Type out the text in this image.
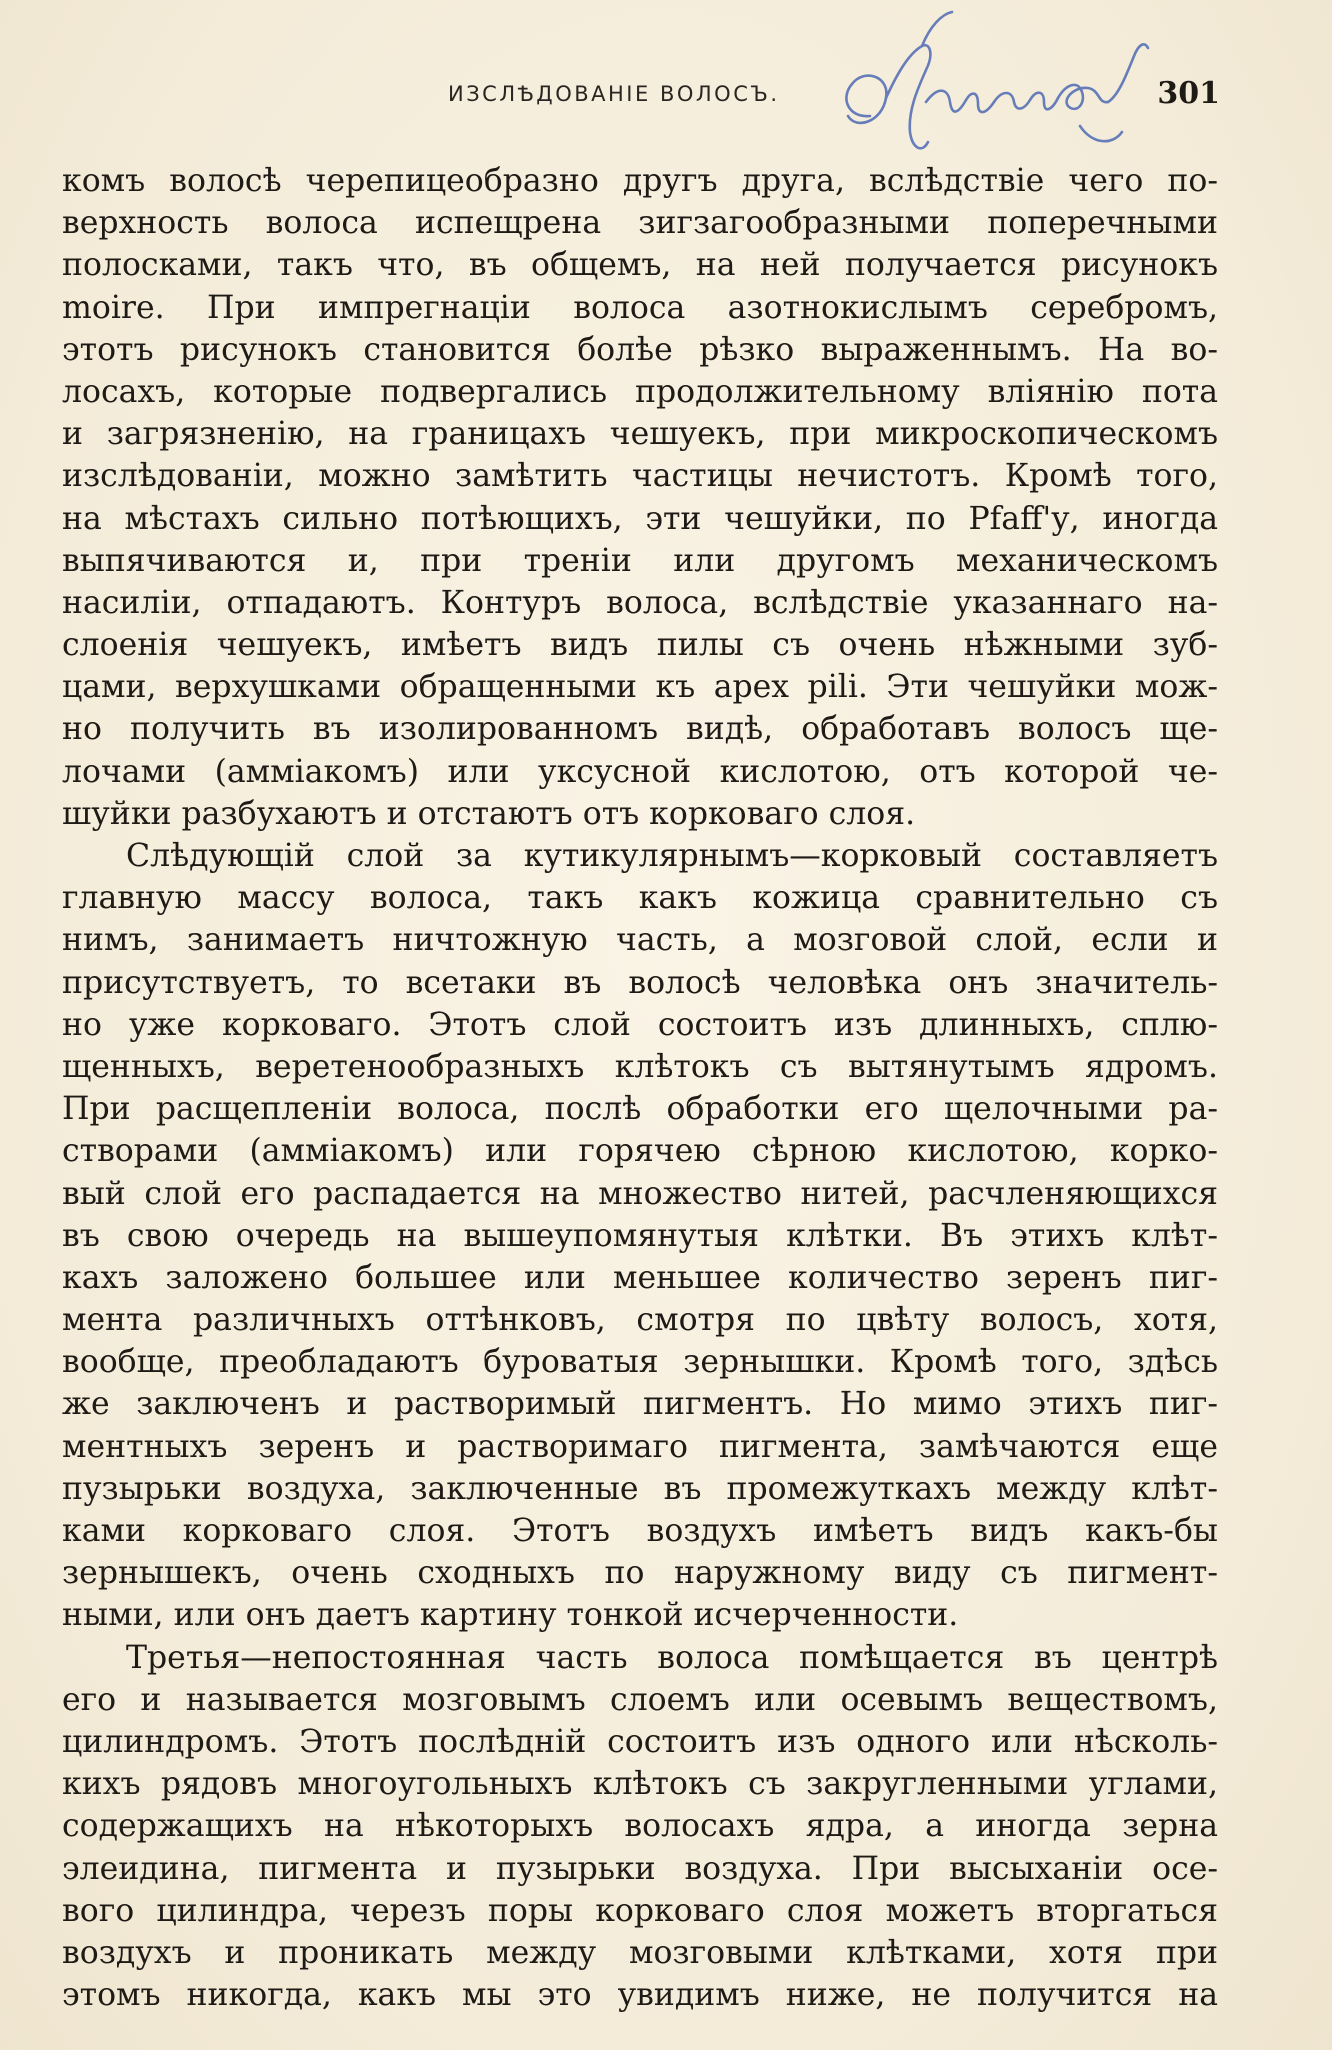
ИЗСЛѢДОВАНІЕ ВОЛОСЪ.	301
комъ волосѣ черепицеобразно другъ друга, вслѣдствіе чего по-
верхность волоса испещрена зигзагообразными поперечными
полосками, такъ что, въ общемъ, на ней получается рисунокъ
moire. При импрегнаціи волоса азотнокислымъ серебромъ,
этотъ рисунокъ становится болѣе рѣзко выраженнымъ. На во-
лосахъ, которые подвергались продолжительному вліянію пота
и загрязненію, на границахъ чешуекъ, при микроскопическомъ
изслѣдованіи, можно замѣтить частицы нечистотъ. Кромѣ того,
на мѣстахъ сильно потѣющихъ, эти чешуйки, по Pfaff'у, иногда
выпячиваются и, при треніи или другомъ механическомъ
насиліи, отпадаютъ. Контуръ волоса, вслѣдствіе указаннаго на-
слоенія чешуекъ, имѣетъ видъ пилы съ очень нѣжными зуб-
цами, верхушками обращенными къ apex pili. Эти чешуйки мож-
но получить въ изолированномъ видѣ, обработавъ волосъ ще-
лочами (амміакомъ) или уксусной кислотою, отъ которой че-
шуйки разбухаютъ и отстаютъ отъ корковаго слоя.
Слѣдующій слой за кутикулярнымъ—корковый составляетъ
главную массу волоса, такъ какъ кожица сравнительно съ
нимъ, занимаетъ ничтожную часть, а мозговой слой, если и
присутствуетъ, то всетаки въ волосѣ человѣка онъ значитель-
но уже корковаго. Этотъ слой состоитъ изъ длинныхъ, сплю-
щенныхъ, веретенообразныхъ клѣтокъ съ вытянутымъ ядромъ.
При расщепленіи волоса, послѣ обработки его щелочными ра-
створами (амміакомъ) или горячею сѣрною кислотою, корко-
вый слой его распадается на множество нитей, расчленяющихся
въ свою очередь на вышеупомянутыя клѣтки. Въ этихъ клѣт-
кахъ заложено большее или меньшее количество зеренъ пиг-
мента различныхъ оттѣнковъ, смотря по цвѣту волосъ, хотя,
вообще, преобладаютъ буроватыя зернышки. Кромѣ того, здѣсь
же заключенъ и растворимый пигментъ. Но мимо этихъ пиг-
ментныхъ зеренъ и растворимаго пигмента, замѣчаются еще
пузырьки воздуха, заключенные въ промежуткахъ между клѣт-
ками корковаго слоя. Этотъ воздухъ имѣетъ видъ какъ-бы
зернышекъ, очень сходныхъ по наружному виду съ пигмент-
ными, или онъ даетъ картину тонкой исчерченности.
Третья—непостоянная часть волоса помѣщается въ центрѣ
его и называется мозговымъ слоемъ или осевымъ веществомъ,
цилиндромъ. Этотъ послѣдній состоитъ изъ одного или нѣсколь-
кихъ рядовъ многоугольныхъ клѣтокъ съ закругленными углами,
содержащихъ на нѣкоторыхъ волосахъ ядра, а иногда зерна
элеидина, пигмента и пузырьки воздуха. При высыханіи осе-
вого цилиндра, черезъ поры корковаго слоя можетъ вторгаться
воздухъ и проникать между мозговыми клѣтками, хотя при
этомъ никогда, какъ мы это увидимъ ниже, не получится на
